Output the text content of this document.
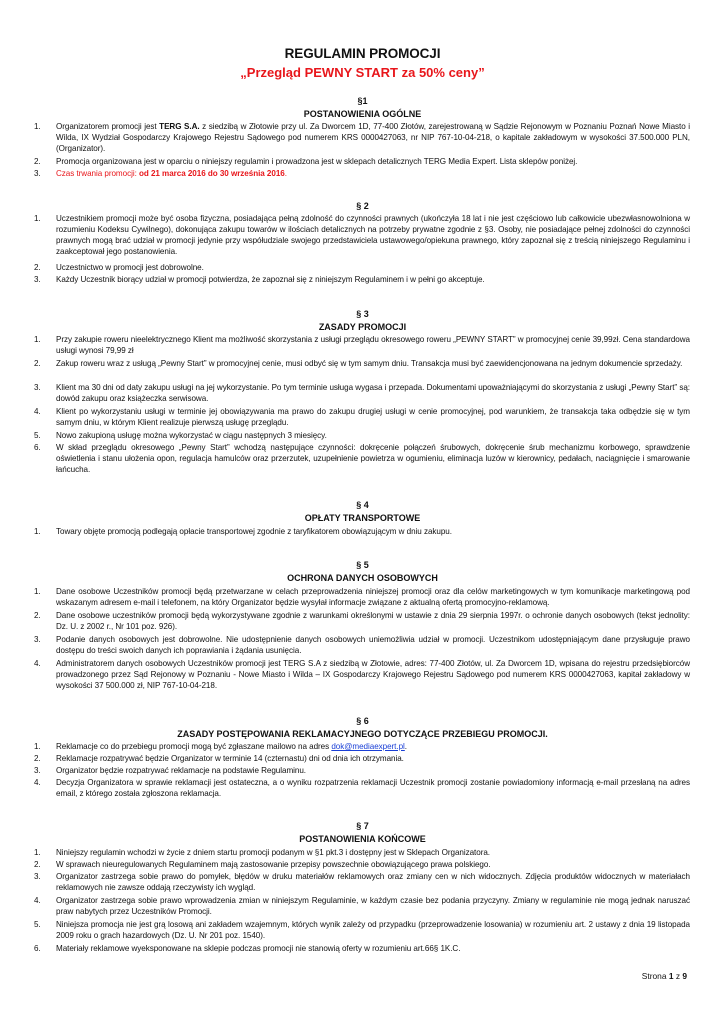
REGULAMIN PROMOCJI
„Przegląd PEWNY START za 50% ceny”
§1
POSTANOWIENIA OGÓLNE
1. Organizatorem promocji jest TERG S.A. z siedzibą w Złotowie przy ul. Za Dworcem 1D, 77-400 Złotów, zarejestrowaną w Sądzie Rejonowym w Poznaniu Poznań Nowe Miasto i Wilda, IX Wydział Gospodarczy Krajowego Rejestru Sądowego pod numerem KRS 0000427063, nr NIP 767-10-04-218, o kapitale zakładowym w wysokości 37.500.000 PLN,(Organizator).
2. Promocja organizowana jest w oparciu o niniejszy regulamin i prowadzona jest w sklepach detalicznych TERG Media Expert. Lista sklepów poniżej.
3. Czas trwania promocji: od 21 marca 2016 do 30 września 2016.
§ 2
1. Uczestnikiem promocji może być osoba fizyczna, posiadająca pełną zdolność do czynności prawnych (ukończyła 18 lat i nie jest częściowo lub całkowicie ubezwłasnowolniona w rozumieniu Kodeksu Cywilnego), dokonująca zakupu towarów w ilościach detalicznych na potrzeby prywatne zgodnie z §3. Osoby, nie posiadające pełnej zdolności do czynności prawnych mogą brać udział w promocji jedynie przy współudziale swojego przedstawiciela ustawowego/opiekuna prawnego, który zapoznał się z treścią niniejszego Regulaminu i zaakceptował jego postanowienia.
2. Uczestnictwo w promocji jest dobrowolne.
3. Każdy Uczestnik biorący udział w promocji potwierdza, że zapoznał się z niniejszym Regulaminem i w pełni go akceptuje.
§ 3
ZASADY PROMOCJI
1. Przy zakupie roweru nieelektrycznego Klient ma możliwość skorzystania z usługi przeglądu okresowego roweru „PEWNY START” w promocyjnej cenie 39,99zł. Cena standardowa usługi wynosi 79,99 zł
2. Zakup roweru wraz z usługą „Pewny Start” w promocyjnej cenie, musi odbyć się w tym samym dniu. Transakcja musi być zaewidencjonowana na jednym dokumencie sprzedaży.
3. Klient ma 30 dni od daty zakupu usługi na jej wykorzystanie. Po tym terminie usługa wygasa i przepada. Dokumentami upoważniającymi do skorzystania z usługi „Pewny Start” są: dowód zakupu oraz książeczka serwisowa.
4. Klient po wykorzystaniu usługi w terminie jej obowiązywania ma prawo do zakupu drugiej usługi w cenie promocyjnej, pod warunkiem, że transakcja taka odbędzie się w tym samym dniu, w którym Klient realizuje pierwszą usługę przeglądu.
5. Nowo zakupioną usługę można wykorzystać w ciągu następnych 3 miesięcy.
6. W skład przeglądu okresowego „Pewny Start” wchodzą następujące czynności: dokręcenie połączeń śrubowych, dokręcenie śrub mechanizmu korbowego, sprawdzenie oświetlenia i stanu ułożenia opon, regulacja hamulców oraz przerzutek, uzupełnienie powietrza w ogumieniu, eliminacja luzów w kierownicy, pedałach, naciągnięcie i smarowanie łańcucha.
§ 4
OPŁATY TRANSPORTOWE
1. Towary objęte promocją podlegają opłacie transportowej zgodnie z taryfikatorem obowiązującym w dniu zakupu.
§ 5
OCHRONA DANYCH OSOBOWYCH
1. Dane osobowe Uczestników promocji będą przetwarzane w celach przeprowadzenia niniejszej promocji oraz dla celów marketingowych w tym komunikacje marketingową pod wskazanym adresem e-mail i telefonem, na który Organizator będzie wysyłał informacje związane z aktualną ofertą promocyjno-reklamową.
2. Dane osobowe uczestników promocji będą wykorzystywane zgodnie z warunkami określonymi w ustawie z dnia 29 sierpnia 1997r. o ochronie danych osobowych (tekst jednolity: Dz. U. z 2002 r., Nr 101 poz. 926).
3. Podanie danych osobowych jest dobrowolne. Nie udostępnienie danych osobowych uniemożliwia udział w promocji. Uczestnikom udostępniającym dane przysługuje prawo dostępu do treści swoich danych ich poprawiania i żądania usunięcia.
4. Administratorem danych osobowych Uczestników promocji jest TERG S.A z siedzibą w Złotowie, adres: 77-400 Złotów, ul. Za Dworcem 1D, wpisana do rejestru przedsiębiorców prowadzonego przez Sąd Rejonowy w Poznaniu - Nowe Miasto i Wilda – IX Gospodarczy Krajowego Rejestru Sądowego pod numerem KRS 0000427063, kapitał zakładowy w wysokości 37 500.000 zł, NIP 767-10-04-218.
§ 6
ZASADY POSTĘPOWANIA REKLAMACYJNEGO DOTYCZĄCE PRZEBIEGU PROMOCJI.
1. Reklamacje co do przebiegu promocji mogą być zgłaszane mailowo na adres dok@mediaexpert.pl.
2. Reklamacje rozpatrywać będzie Organizator w terminie 14 (czternastu) dni od dnia ich otrzymania.
3. Organizator będzie rozpatrywać reklamacje na podstawie Regulaminu.
4. Decyzja Organizatora w sprawie reklamacji jest ostateczna, a o wyniku rozpatrzenia reklamacji Uczestnik promocji zostanie powiadomiony informacją e-mail przesłaną na adres email, z którego została zgłoszona reklamacja.
§ 7
POSTANOWIENIA KOŃCOWE
1. Niniejszy regulamin wchodzi w życie z dniem startu promocji podanym w §1 pkt.3 i dostępny jest w Sklepach Organizatora.
2. W sprawach nieuregulowanych Regulaminem mają zastosowanie przepisy powszechnie obowiązującego prawa polskiego.
3. Organizator zastrzega sobie prawo do pomyłek, błędów w druku materiałów reklamowych oraz zmiany cen w nich widocznych. Zdjęcia produktów widocznych w materiałach reklamowych nie zawsze oddają rzeczywisty ich wygląd.
4. Organizator zastrzega sobie prawo wprowadzenia zmian w niniejszym Regulaminie, w każdym czasie bez podania przyczyny. Zmiany w regulaminie nie mogą jednak naruszać praw nabytych przez Uczestników Promocji.
5. Niniejsza promocja nie jest grą losową ani zakładem wzajemnym, których wynik zależy od przypadku (przeprowadzenie losowania) w rozumieniu art. 2 ustawy z dnia 19 listopada 2009 roku o grach hazardowych (Dz. U. Nr 201 poz. 1540).
6. Materiały reklamowe wyeksponowane na sklepie podczas promocji nie stanowią oferty w rozumieniu art.66§ 1K.C.
Strona 1 z 9
